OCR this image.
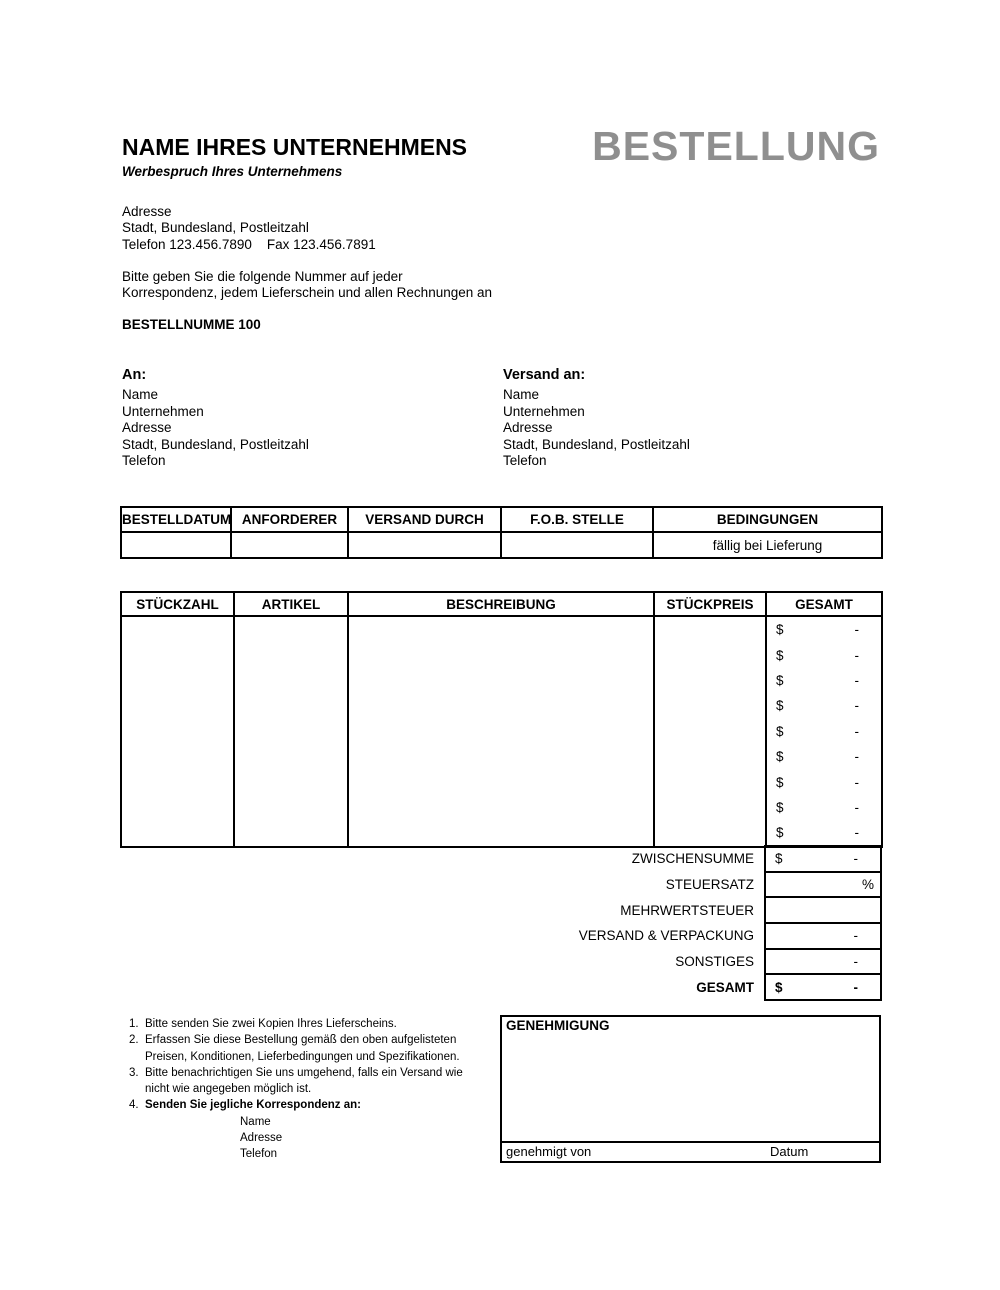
NAME IHRES UNTERNEHMENS
Werbespruch Ihres Unternehmens
BESTELLUNG
Adresse
Stadt, Bundesland, Postleitzahl
Telefon 123.456.7890 Fax 123.456.7891
Bitte geben Sie die folgende Nummer auf jeder
Korrespondenz, jedem Lieferschein und allen Rechnungen an
BESTELLNUMME 100
An:
Name
Unternehmen
Adresse
Stadt, Bundesland, Postleitzahl
Telefon
Versand an:
Name
Unternehmen
Adresse
Stadt, Bundesland, Postleitzahl
Telefon
BESTELLDATUM	ANFORDERER	VERSAND DURCH	F.O.B. STELLE	BEDINGUNGEN
				fällig bei Lieferung
STÜCKZAHL	ARTIKEL	BESCHREIBUNG	STÜCKPREIS	GESAMT

				$ -

				$ -

				$ -

				$ -

				$ -

				$ -

				$ -

				$ -

				$ -
ZWISCHENSUMME	$ -

STEUERSATZ	%

MEHRWERTSTEUER	

VERSAND & VERPACKUNG	-

SONSTIGES	-

GESAMT	$ -
1. Bitte senden Sie zwei Kopien Ihres Lieferscheins.
2. Erfassen Sie diese Bestellung gemäß den oben aufgelisteten
Preisen, Konditionen, Lieferbedingungen und Spezifikationen.
3. Bitte benachrichtigen Sie uns umgehend, falls ein Versand wie
nicht wie angegeben möglich ist.
4. Senden Sie jegliche Korrespondenz an:
Name
Adresse
Telefon
GENEHMIGUNG
genehmigt von	Datum
